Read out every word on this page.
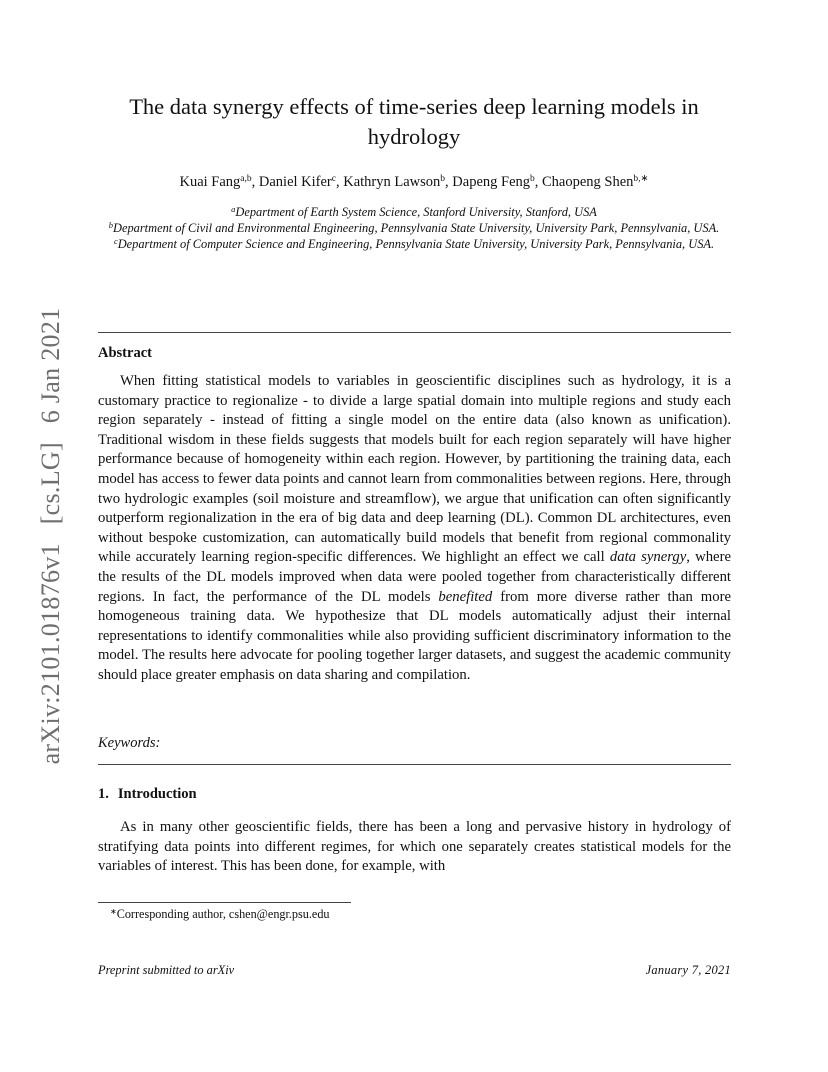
arXiv:2101.01876v1 [cs.LG] 6 Jan 2021
The data synergy effects of time-series deep learning models in
hydrology
Kuai Fang$^{a,b}$, Daniel Kifer$^c$, Kathryn Lawson$^b$, Dapeng Feng$^b$, Chaopeng Shen$^{b,∗}$
$^a$Department of Earth System Science, Stanford University, Stanford, USA
$^b$Department of Civil and Environmental Engineering, Pennsylvania State University, University Park, Pennsylvania, USA.
$^c$Department of Computer Science and Engineering, Pennsylvania State University, University Park, Pennsylvania, USA.
Abstract

When fitting statistical models to variables in geoscientific disciplines such as hydrology, it is a customary practice to regionalize - to divide a large spatial domain into multiple regions and study each region separately - instead of fitting a single model on the entire data (also known as unification). Traditional wisdom in these fields suggests that models built for each region separately will have higher performance because of homogeneity within each region. However, by partitioning the training data, each model has access to fewer data points and cannot learn from commonalities between regions. Here, through two hydrologic examples (soil moisture and streamflow), we argue that unification can often significantly outperform regionalization in the era of big data and deep learning (DL). Common DL architectures, even without bespoke customization, can automatically build models that benefit from regional commonality while accurately learning region-specific differences. We highlight an effect we call data synergy, where the results of the DL models improved when data were pooled together from characteristically different regions. In fact, the performance of the DL models benefited from more diverse rather than more homogeneous training data. We hypothesize that DL models automatically adjust their internal representations to identify commonalities while also providing sufficient discriminatory information to the model. The results here advocate for pooling together larger datasets, and suggest the academic community should place greater emphasis on data sharing and compilation.

Keywords:
1. Introduction

As in many other geoscientific fields, there has been a long and pervasive history in hydrology of stratifying data points into different regimes, for which one separately creates statistical models for the variables of interest. This has been done, for example, with

∗Corresponding author, cshen@engr.psu.edu
Preprint submitted to arXiv	January 7, 2021
